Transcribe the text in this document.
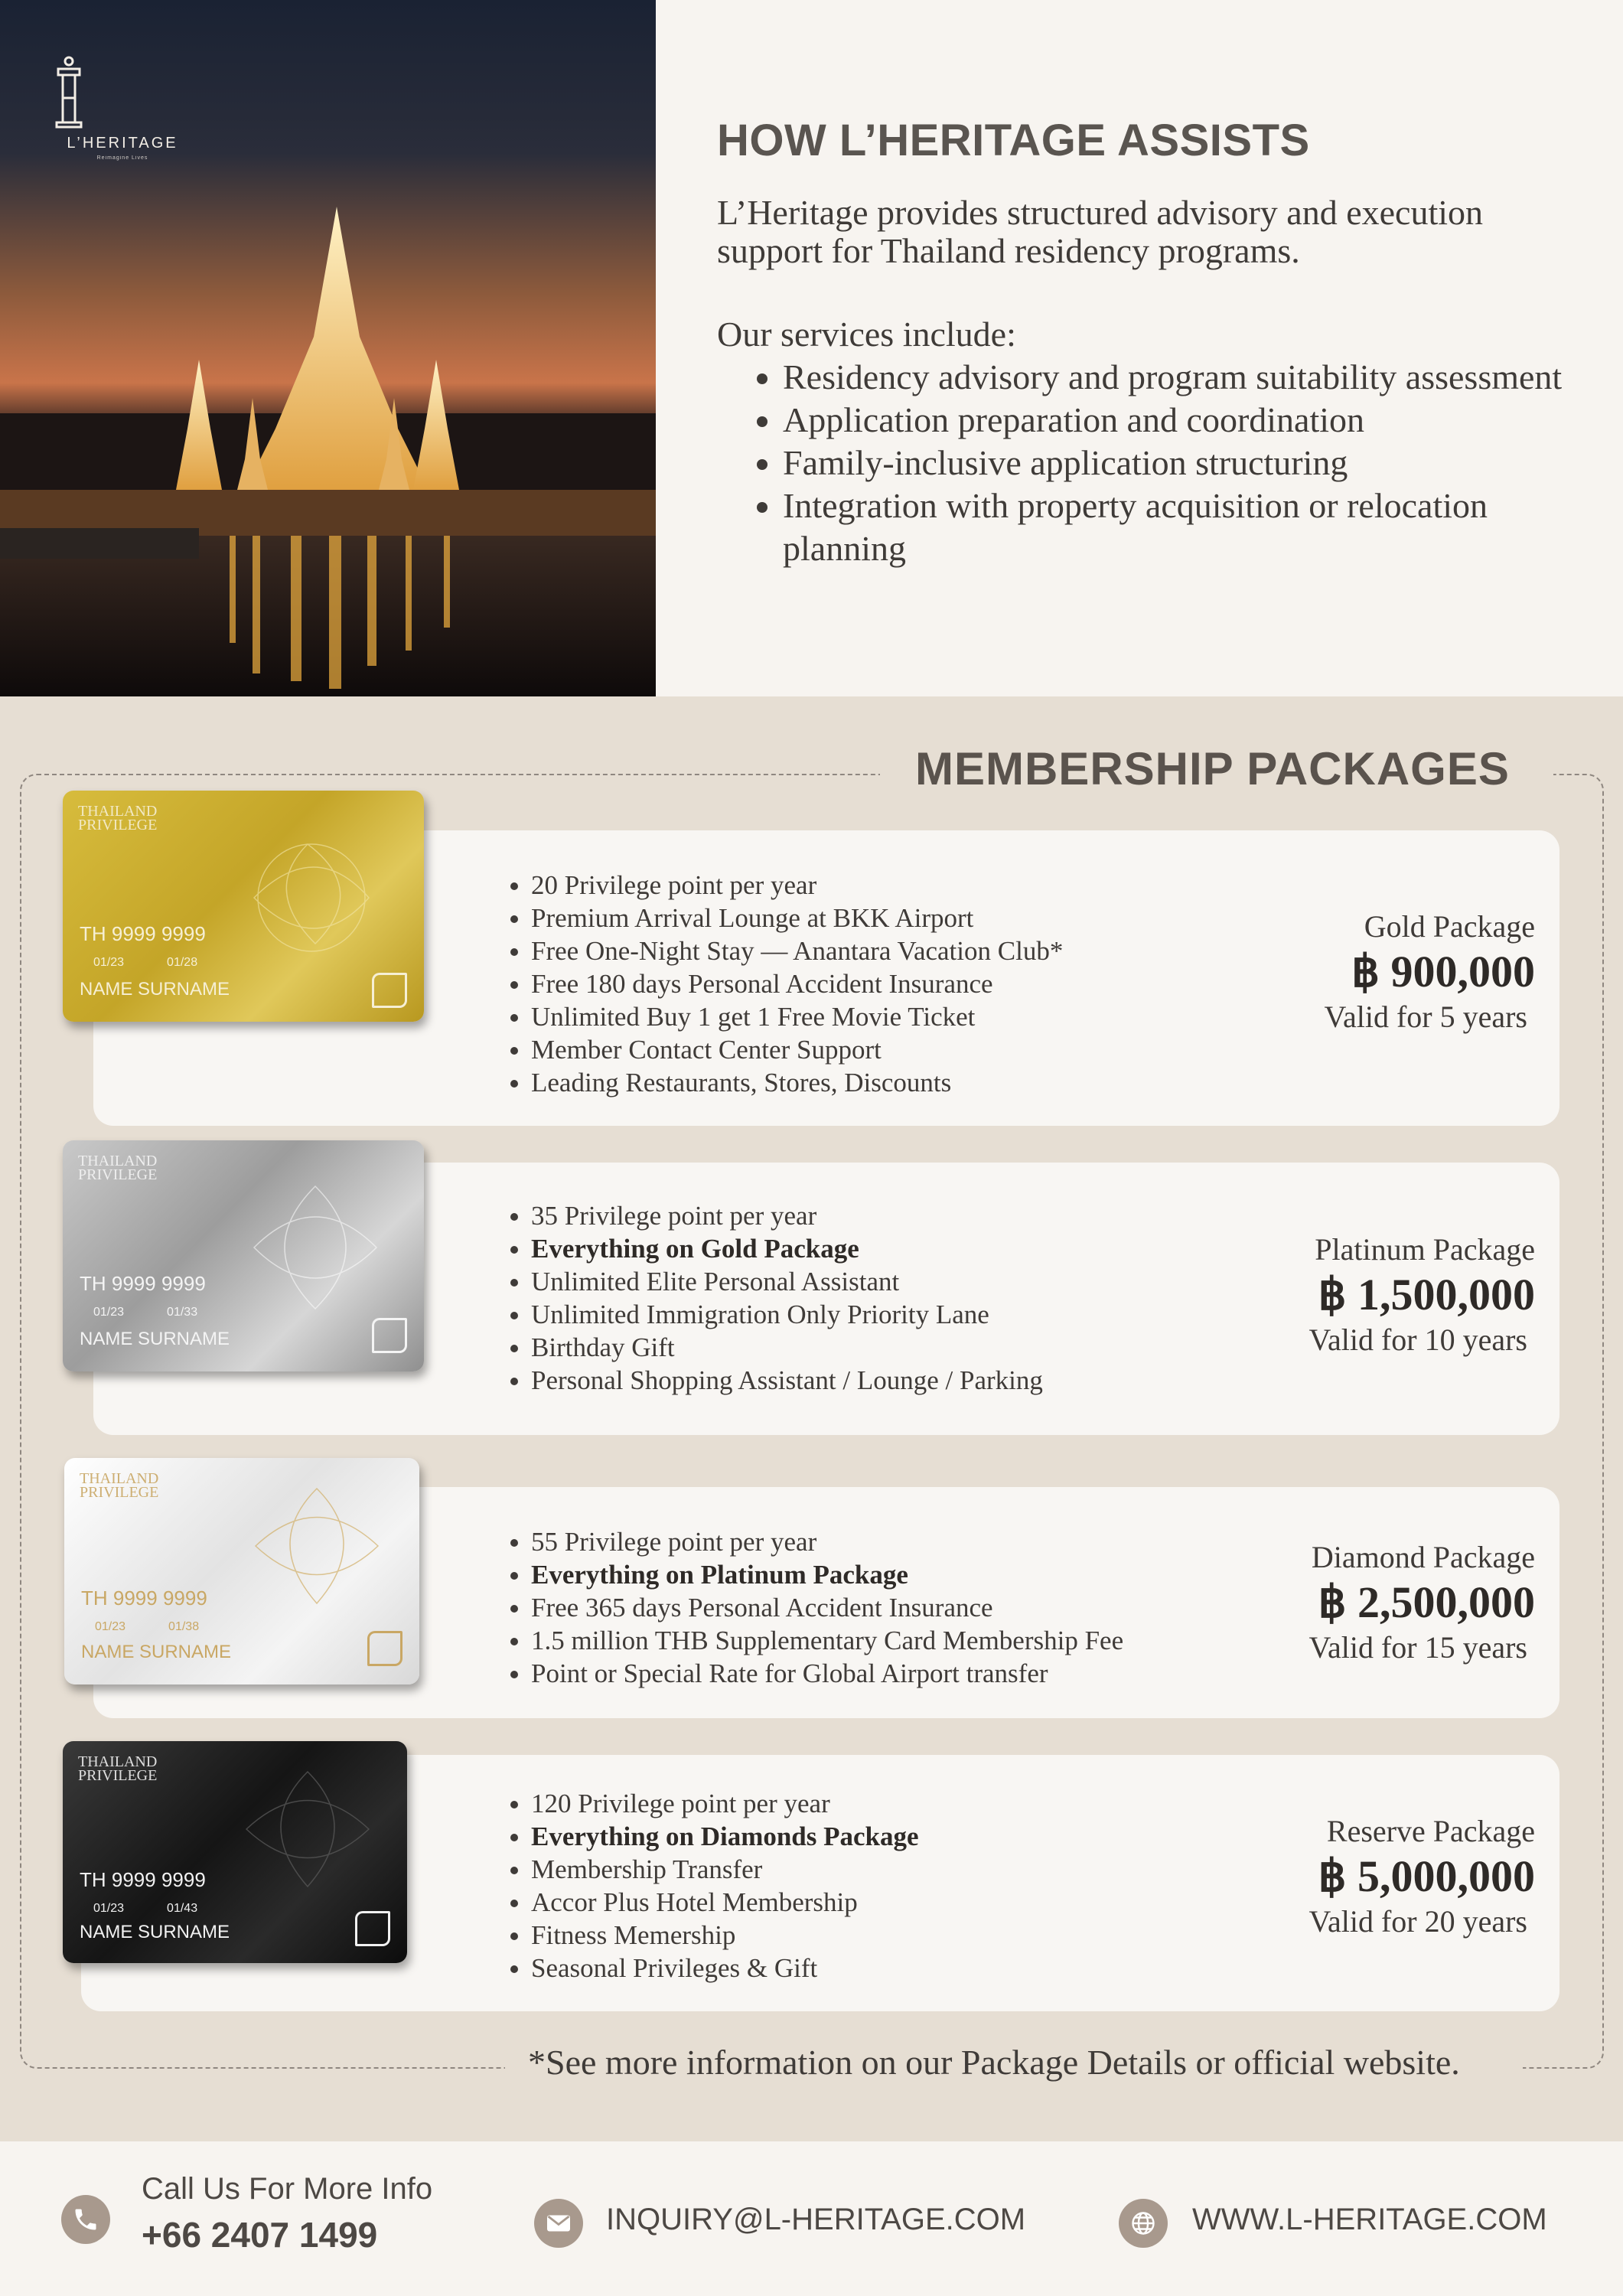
L’HERITAGE
Reimagine Lives	HOW L’HERITAGE ASSISTS

L’Heritage provides structured advisory and execution support for Thailand residency programs.

Our services include:

• Residency advisory and program suitability assessment
• Application preparation and coordination
• Family-inclusive application structuring
• Integration with property acquisition or relocation planning
MEMBERSHIP PACKAGES
• 20 Privilege point per year
• Premium Arrival Lounge at BKK Airport
• Free One-Night Stay — Anantara Vacation Club*
• Free 180 days Personal Accident Insurance
• Unlimited Buy 1 get 1 Free Movie Ticket
• Member Contact Center Support
• Leading Restaurants, Stores, Discounts
Gold Package
฿ 900,000
Valid for 5 years
THAILAND
PRIVILEGE
TH 9999 9999
01/23	01/28
NAME SURNAME
• 35 Privilege point per year
• Everything on Gold Package
• Unlimited Elite Personal Assistant
• Unlimited Immigration Only Priority Lane
• Birthday Gift
• Personal Shopping Assistant / Lounge / Parking
Platinum Package
฿ 1,500,000
Valid for 10 years
THAILAND
PRIVILEGE
TH 9999 9999
01/23	01/33
NAME SURNAME
• 55 Privilege point per year
• Everything on Platinum Package
• Free 365 days Personal Accident Insurance
• 1.5 million THB Supplementary Card Membership Fee
• Point or Special Rate for Global Airport transfer
Diamond Package
฿ 2,500,000
Valid for 15 years
THAILAND
PRIVILEGE
TH 9999 9999
01/23	01/38
NAME SURNAME
• 120 Privilege point per year
• Everything on Diamonds Package
• Membership Transfer
• Accor Plus Hotel Membership
• Fitness Memership
• Seasonal Privileges & Gift
Reserve Package
฿ 5,000,000
Valid for 20 years
THAILAND
PRIVILEGE
TH 9999 9999
01/23	01/43
NAME SURNAME
*See more information on our Package Details or official website.
Call Us For More Info
+66 2407 1499	INQUIRY@L-HERITAGE.COM	WWW.L-HERITAGE.COM
